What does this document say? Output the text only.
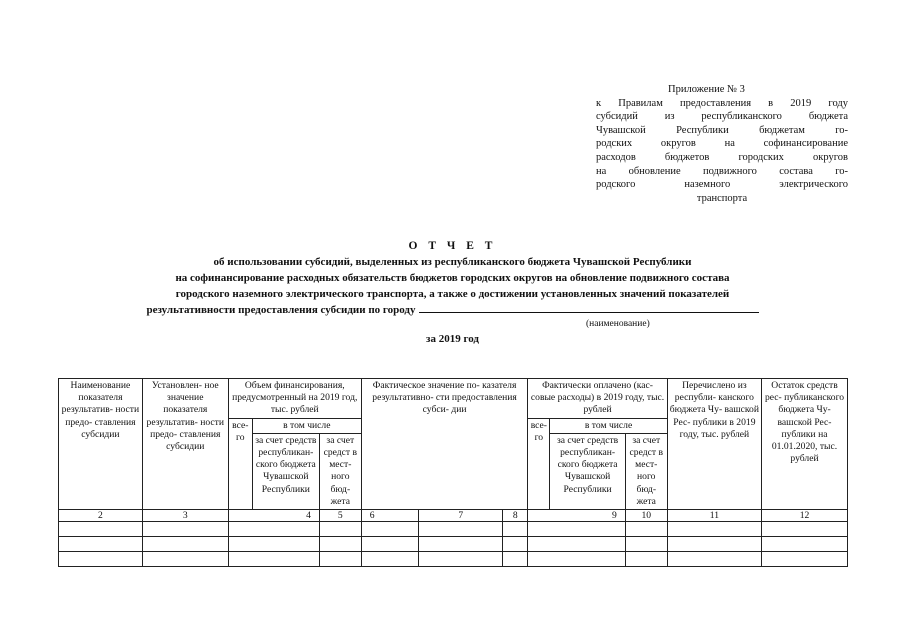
Приложение № 3
к Правилам предоставления в 2019 году
субсидий из республиканского бюджета
Чувашской Республики бюджетам го-
родских округов на софинансирование
расходов бюджетов городских округов
на обновление подвижного состава го-
родского наземного электрического
транспорта
О Т Ч Е Т
об использовании субсидий, выделенных из республиканского бюджета Чувашской Республики
на софинансирование расходных обязательств бюджетов городских округов на обновление подвижного состава
городского наземного электрического транспорта, а также о достижении установленных значений показателей
результативности предоставления субсидии по городу
(наименование)
за 2019 год
Наименование показателя результатив- ности предо- ставления субсидии	Установлен- ное значение показателя результатив- ности предо- ставления субсидии	Объем финансирования, предусмотренный на 2019 год, тыс. рублей			Фактическое значение по- казателя результативно- сти предоставления субси- дии			Фактически оплачено (кас- совые расходы) в 2019 году, тыс. рублей			Перечислено из республи- канского бюджета Чу- вашской Рес- публики в 2019 году, тыс. рублей	Остаток средств рес- публиканского бюджета Чу- вашской Рес- публики на 01.01.2020, тыс. рублей
		все- го	в том числе					все- го	в том числе			
			за счет средств республикан- ского бюджета Чувашской Республики	за счет средст в мест- ного бюд- жета					за счет средств республикан- ского бюджета Чувашской Республики	за счет средст в мест- ного бюд- жета		
2	3	4		5	6	7	8	9		10	11	12
